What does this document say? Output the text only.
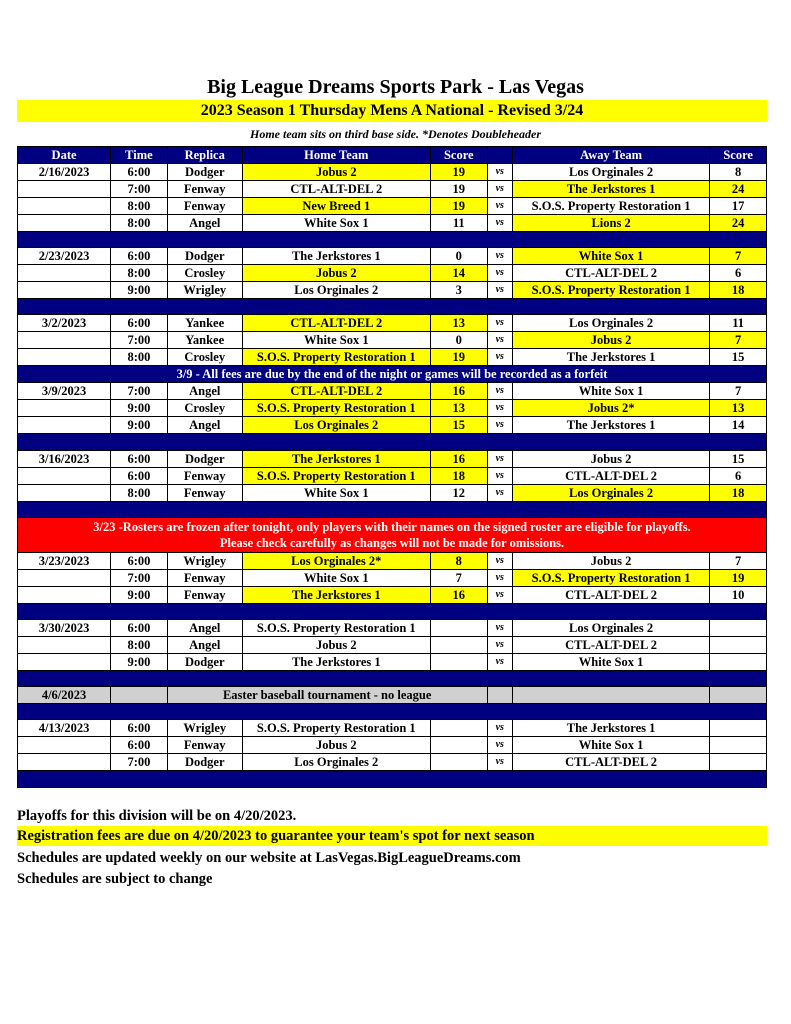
Big League Dreams Sports Park - Las Vegas
2023 Season 1 Thursday Mens A National - Revised 3/24
Home team sits on third base side. *Denotes Doubleheader
Date	Time	Replica	Home Team	Score		Away Team	Score
2/16/2023	6:00	Dodger	Jobus 2	19	vs	Los Orginales 2	8
	7:00	Fenway	CTL-ALT-DEL 2	19	vs	The Jerkstores 1	24
	8:00	Fenway	New Breed 1	19	vs	S.O.S. Property Restoration 1	17
	8:00	Angel	White Sox 1	11	vs	Lions 2	24

2/23/2023	6:00	Dodger	The Jerkstores 1	0	vs	White Sox 1	7
	8:00	Crosley	Jobus 2	14	vs	CTL-ALT-DEL 2	6
	9:00	Wrigley	Los Orginales 2	3	vs	S.O.S. Property Restoration 1	18

3/2/2023	6:00	Yankee	CTL-ALT-DEL 2	13	vs	Los Orginales 2	11
	7:00	Yankee	White Sox 1	0	vs	Jobus 2	7
	8:00	Crosley	S.O.S. Property Restoration 1	19	vs	The Jerkstores 1	15
3/9 - All fees are due by the end of the night or games will be recorded as a forfeit							
3/9/2023	7:00	Angel	CTL-ALT-DEL 2	16	vs	White Sox 1	7
	9:00	Crosley	S.O.S. Property Restoration 1	13	vs	Jobus 2*	13
	9:00	Angel	Los Orginales 2	15	vs	The Jerkstores 1	14

3/16/2023	6:00	Dodger	The Jerkstores 1	16	vs	Jobus 2	15
	6:00	Fenway	S.O.S. Property Restoration 1	18	vs	CTL-ALT-DEL 2	6
	8:00	Fenway	White Sox 1	12	vs	Los Orginales 2	18

3/23 -Rosters are frozen after tonight, only players with their names on the signed roster are eligible for playoffs.
Please check carefully as changes will not be made for omissions.							

3/23/2023	6:00	Wrigley	Los Orginales 2*	8	vs	Jobus 2	7
	7:00	Fenway	White Sox 1	7	vs	S.O.S. Property Restoration 1	19
	9:00	Fenway	The Jerkstores 1	16	vs	CTL-ALT-DEL 2	10

3/30/2023	6:00	Angel	S.O.S. Property Restoration 1		vs	Los Orginales 2	
	8:00	Angel	Jobus 2		vs	CTL-ALT-DEL 2	
	9:00	Dodger	The Jerkstores 1		vs	White Sox 1	

4/6/2023		Easter baseball tournament - no league					

4/13/2023	6:00	Wrigley	S.O.S. Property Restoration 1		vs	The Jerkstores 1	
	6:00	Fenway	Jobus 2		vs	White Sox 1	
	7:00	Dodger	Los Orginales 2		vs	CTL-ALT-DEL 2	

Playoffs for this division will be on 4/20/2023.
Registration fees are due on 4/20/2023 to guarantee your team's spot for next season
Schedules are updated weekly on our website at LasVegas.BigLeagueDreams.com
Schedules are subject to change
